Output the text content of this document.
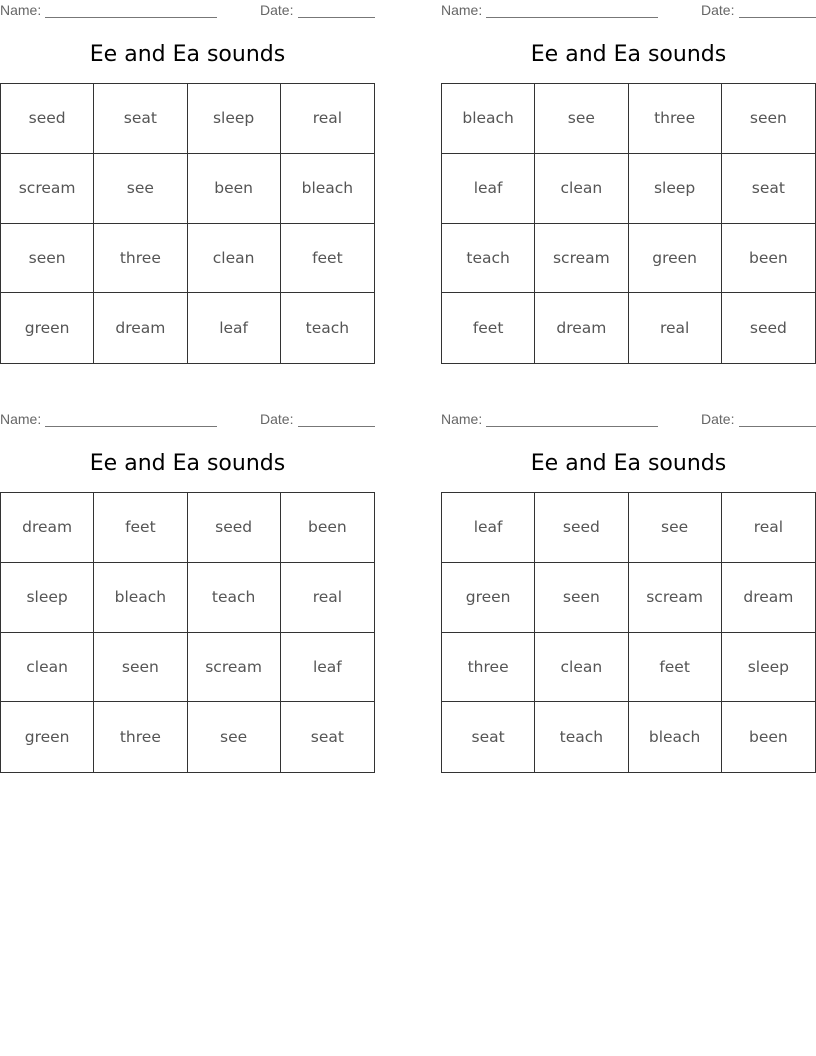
Name:	Date:
Ee and Ea sounds
seed	seat	sleep	real
scream	see	been	bleach
seen	three	clean	feet
green	dream	leaf	teach
Name:	Date:
Ee and Ea sounds
bleach	see	three	seen
leaf	clean	sleep	seat
teach	scream	green	been
feet	dream	real	seed
Name:	Date:
Ee and Ea sounds
dream	feet	seed	been
sleep	bleach	teach	real
clean	seen	scream	leaf
green	three	see	seat
Name:	Date:
Ee and Ea sounds
leaf	seed	see	real
green	seen	scream	dream
three	clean	feet	sleep
seat	teach	bleach	been
